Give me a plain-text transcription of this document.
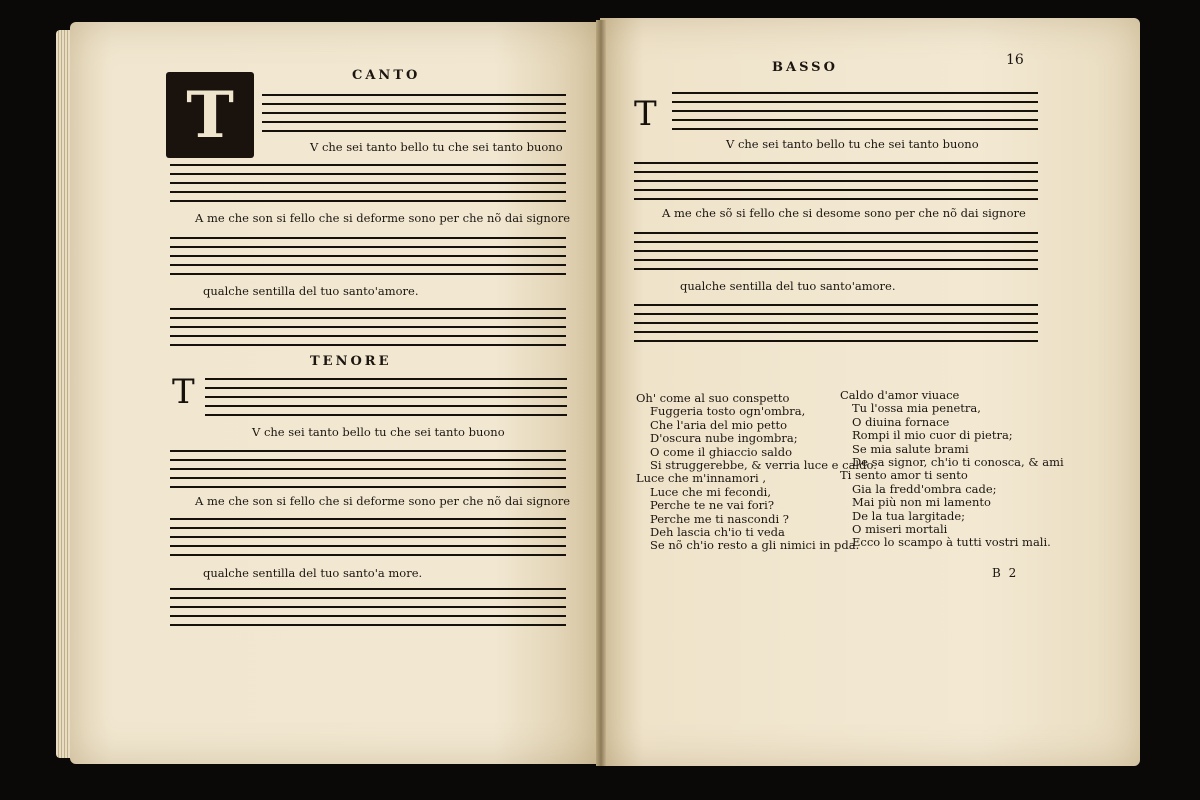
CANTO
T	V che sei tanto bello tu che sei tanto buono
A me che son si fello che si deforme sono per che nõ dai signore
qualche sentilla del tuo santo'amore.
TENORE
T
V che sei tanto bello tu che sei tanto buono
A me che son si fello che si deforme sono per che nõ dai signore
qualche sentilla del tuo santo'a more.
BASSO	16
T
V che sei tanto bello tu che sei tanto buono
A me che sõ si fello che si desome sono per che nõ dai signore
qualche sentilla del tuo santo'amore.
Oh' come al suo conspetto
Fuggeria tosto ogn'ombra,
Che l'aria del mio petto
D'oscura nube ingombra;
O come il ghiaccio saldo
Si struggerebbe, & verria luce e caldo.
Luce che m'innamori ,
Luce che mi fecondi,
Perche te ne vai fori?
Perche me ti nascondi ?
Deh lascia ch'io ti veda
Se nõ ch'io resto a gli nimici in pda.
Caldo d'amor viuace
Tu l'ossa mia penetra,
O diuina fornace
Rompi il mio cuor di pietra;
Se mia salute brami
De sa signor, ch'io ti conosca, & ami
Ti sento amor ti sento
Gia la fredd'ombra cade;
Mai più non mi lamento
De la tua largitade;
O miseri mortali
Ecco lo scampo à tutti vostri mali.
B 2
